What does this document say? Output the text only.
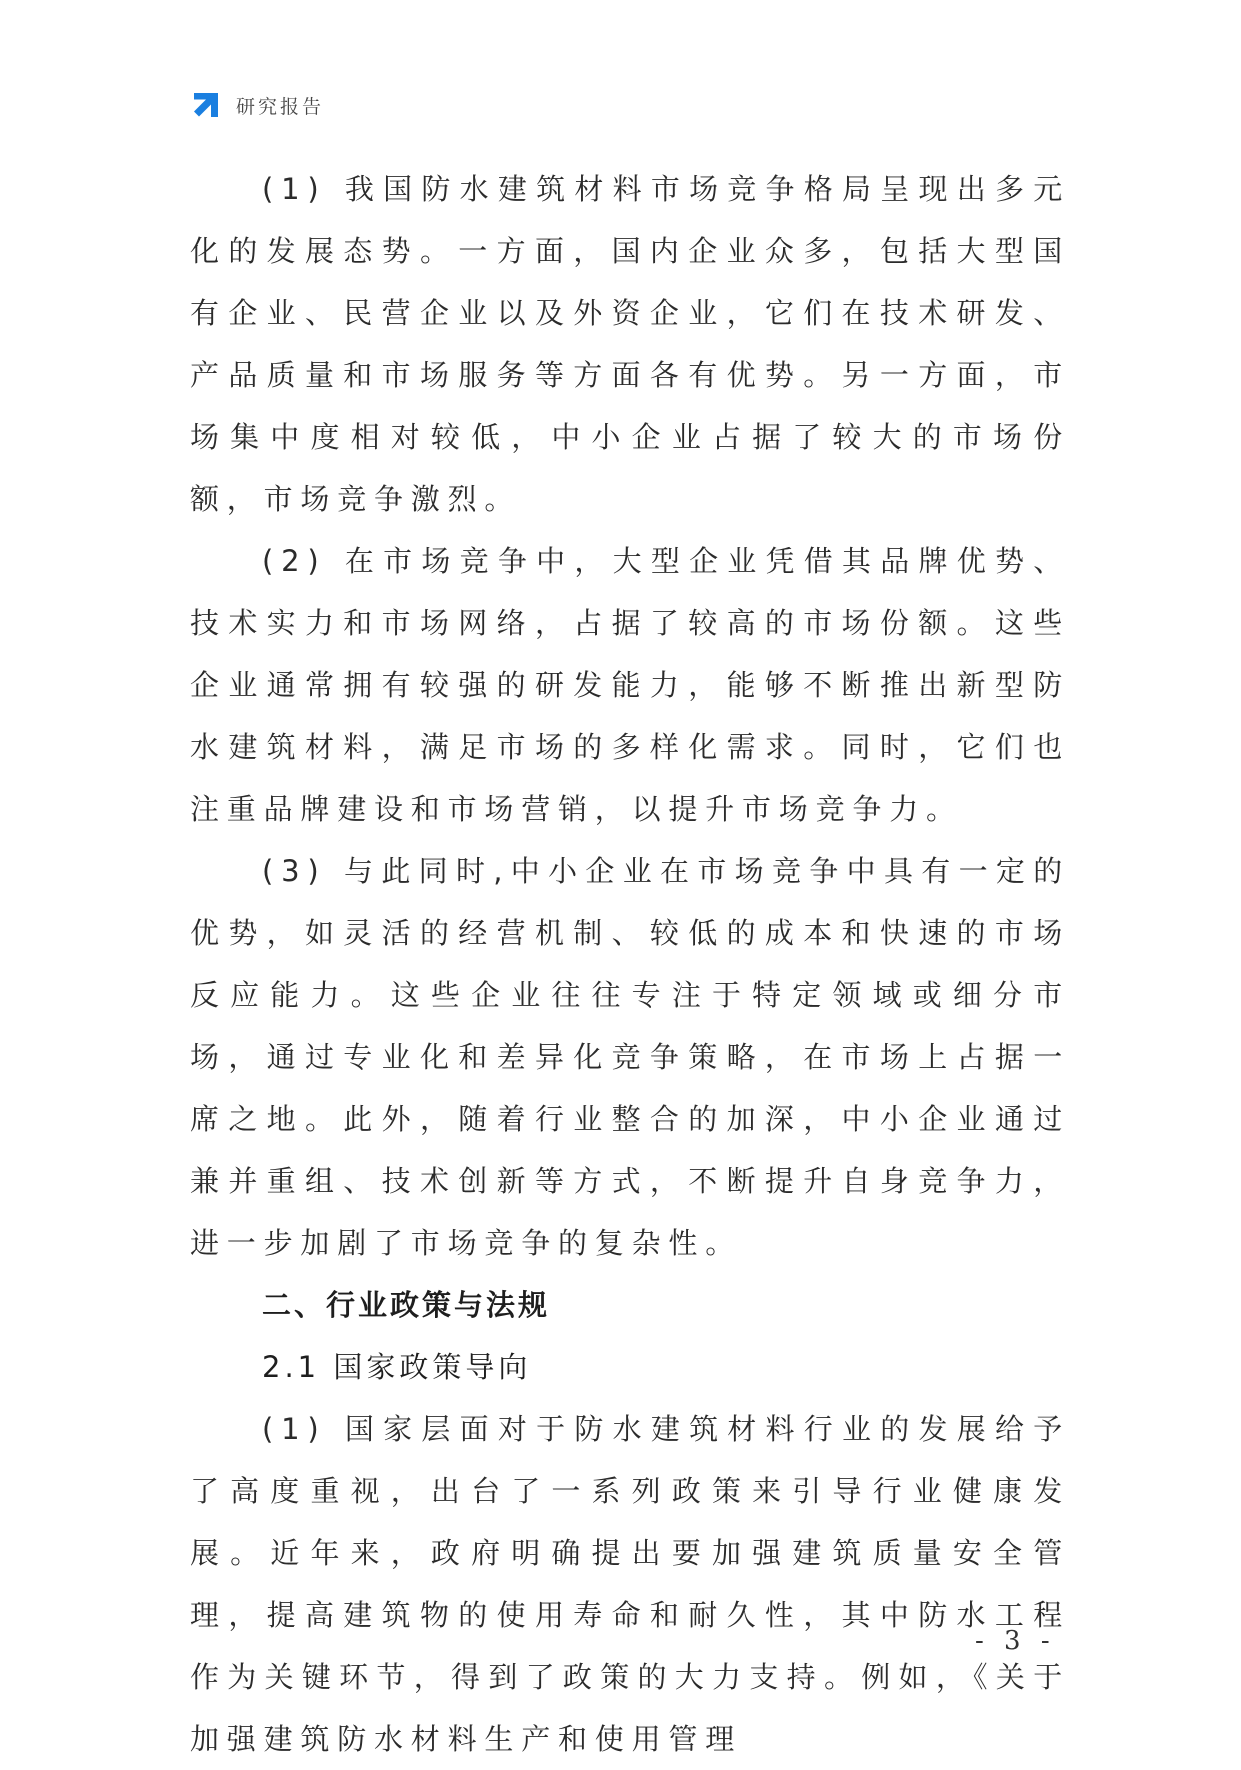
研究报告

(1) 我国防水建筑材料市场竞争格局呈现出多元化的发展态势。一方面，国内企业众多，包括大型国有企业、民营企业以及外资企业，它们在技术研发、产品质量和市场服务等方面各有优势。另一方面，市场集中度相对较低，中小企业占据了较大的市场份额，市场竞争激烈。

(2) 在市场竞争中，大型企业凭借其品牌优势、技术实力和市场网络，占据了较高的市场份额。这些企业通常拥有较强的研发能力，能够不断推出新型防水建筑材料，满足市场的多样化需求。同时，它们也注重品牌建设和市场营销，以提升市场竞争力。

(3) 与此同时,中小企业在市场竞争中具有一定的优势，如灵活的经营机制、较低的成本和快速的市场反应能力。这些企业往往专注于特定领域或细分市场，通过专业化和差异化竞争策略，在市场上占据一席之地。此外，随着行业整合的加深，中小企业通过兼并重组、技术创新等方式，不断提升自身竞争力，进一步加剧了市场竞争的复杂性。

二、行业政策与法规

2.1 国家政策导向

(1) 国家层面对于防水建筑材料行业的发展给予了高度重视，出台了一系列政策来引导行业健康发展。近年来，政府明确提出要加强建筑质量安全管理，提高建筑物的使用寿命和耐久性，其中防水工程作为关键环节，得到了政策的大力支持。例如，《关于加强建筑防水材料生产和使用管理

- 3 -
